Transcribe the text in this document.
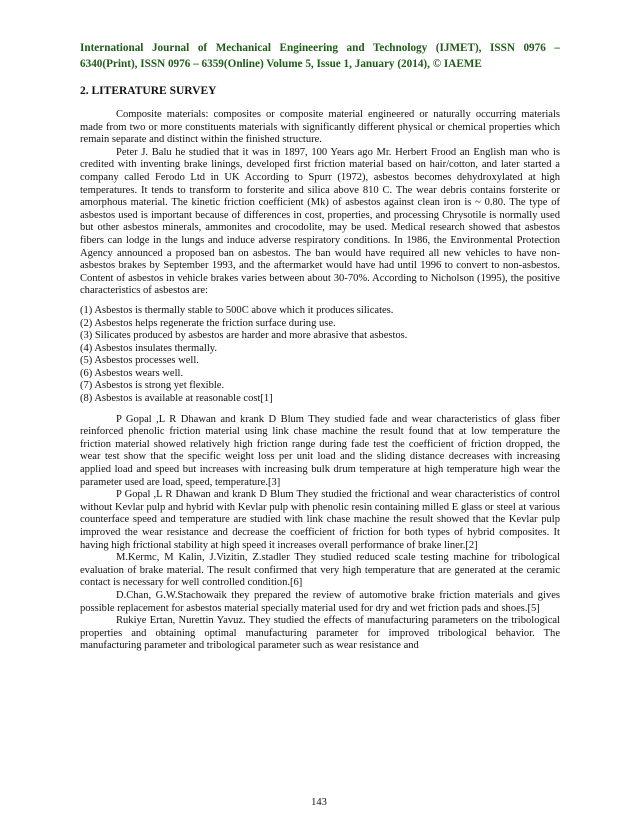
International Journal of Mechanical Engineering and Technology (IJMET), ISSN 0976 –
6340(Print), ISSN 0976 – 6359(Online) Volume 5, Issue 1, January (2014), © IAEME
2. LITERATURE SURVEY

Composite materials: composites or composite material engineered or naturally occurring materials made from two or more constituents materials with significantly different physical or chemical properties which remain separate and distinct within the finished structure.

Peter J. Balu he studied that it was in 1897, 100 Years ago Mr. Herbert Frood an English man who is credited with inventing brake linings, developed first friction material based on hair/cotton, and later started a company called Ferodo Ltd in UK According to Spurr (1972), asbestos becomes dehydroxylated at high temperatures. It tends to transform to forsterite and silica above 810 C. The wear debris contains forsterite or amorphous material. The kinetic friction coefficient (Mk) of asbestos against clean iron is ~ 0.80. The type of asbestos used is important because of differences in cost, properties, and processing Chrysotile is normally used but other asbestos minerals, ammonites and crocodolite, may be used. Medical research showed that asbestos fibers can lodge in the lungs and induce adverse respiratory conditions. In 1986, the Environmental Protection Agency announced a proposed ban on asbestos. The ban would have required all new vehicles to have non-asbestos brakes by September 1993, and the aftermarket would have had until 1996 to convert to non-asbestos. Content of asbestos in vehicle brakes varies between about 30-70%. According to Nicholson (1995), the positive characteristics of asbestos are:

(1) Asbestos is thermally stable to 500C above which it produces silicates.
(2) Asbestos helps regenerate the friction surface during use.
(3) Silicates produced by asbestos are harder and more abrasive that asbestos.
(4) Asbestos insulates thermally.
(5) Asbestos processes well.
(6) Asbestos wears well.
(7) Asbestos is strong yet flexible.
(8) Asbestos is available at reasonable cost[1]

P Gopal ,L R Dhawan and krank D Blum They studied fade and wear characteristics of glass fiber reinforced phenolic friction material using link chase machine the result found that at low temperature the friction material showed relatively high friction range during fade test the coefficient of friction dropped, the wear test show that the specific weight loss per unit load and the sliding distance decreases with increasing applied load and speed but increases with increasing bulk drum temperature at high temperature high wear the parameter used are load, speed, temperature.[3]

P Gopal ,L R Dhawan and krank D Blum They studied the frictional and wear characteristics of control without Kevlar pulp and hybrid with Kevlar pulp with phenolic resin containing milled E glass or steel at various counterface speed and temperature are studied with link chase machine the result showed that the Kevlar pulp improved the wear resistance and decrease the coefficient of friction for both types of hybrid composites. It having high frictional stability at high speed it increases overall performance of brake liner.[2]

M.Kermc, M Kalin, J.Vizitin, Z.stadler They studied reduced scale testing machine for tribological evaluation of brake material. The result confirmed that very high temperature that are generated at the ceramic contact is necessary for well controlled condition.[6]

D.Chan, G.W.Stachowaik they prepared the review of automotive brake friction materials and gives possible replacement for asbestos material specially material used for dry and wet friction pads and shoes.[5]

Rukiye Ertan, Nurettin Yavuz. They studied the effects of manufacturing parameters on the tribological properties and obtaining optimal manufacturing parameter for improved tribological behavior. The manufacturing parameter and tribological parameter such as wear resistance and

143
